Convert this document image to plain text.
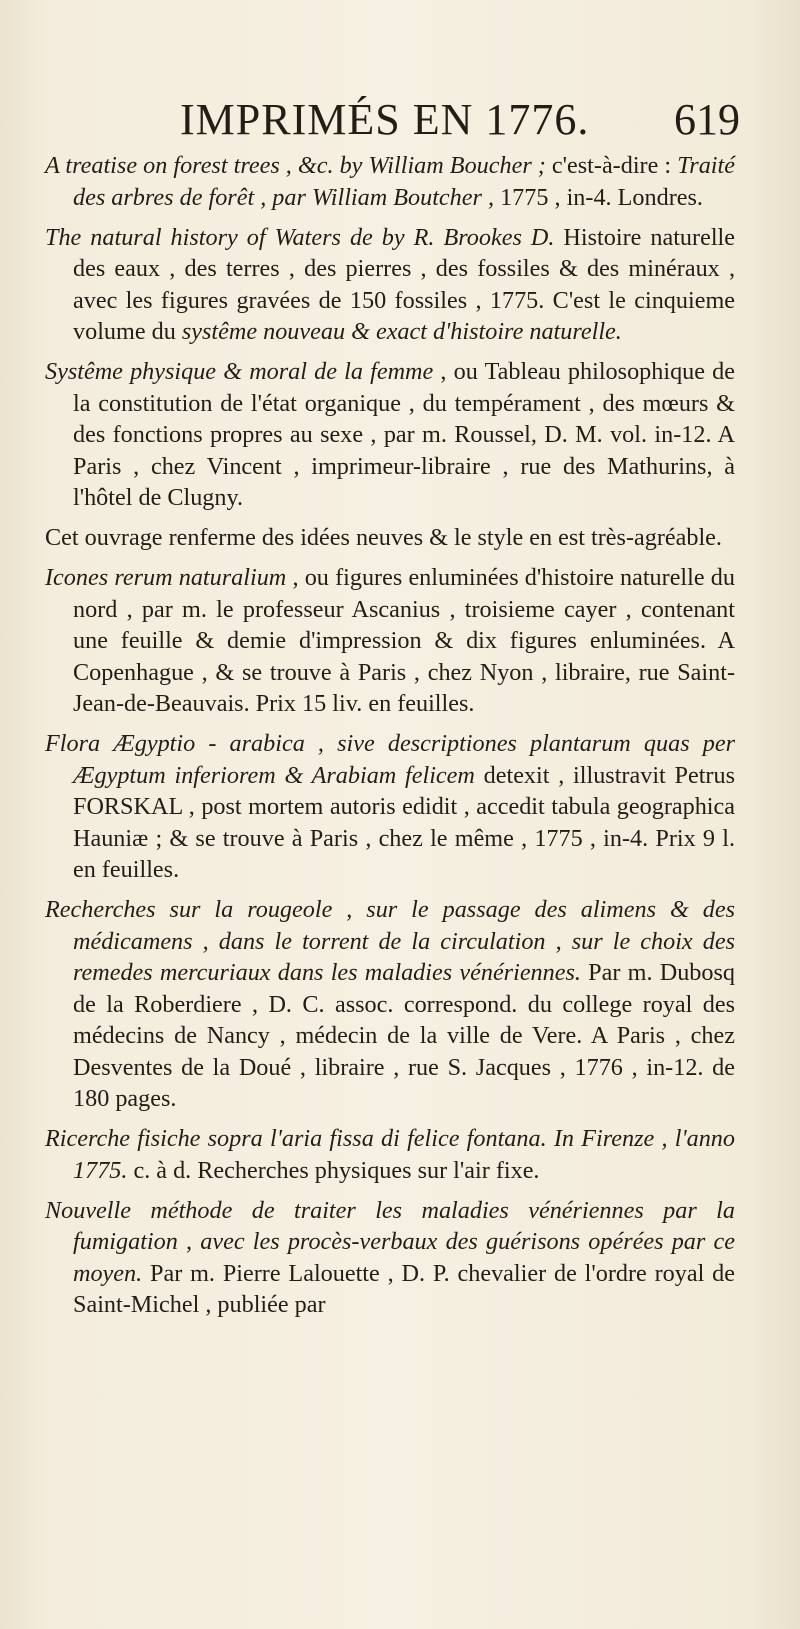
IMPRIMÉS EN 1776. 619

A treatise on forest trees , &c. by William Boucher ; c'est-à-dire : Traité des arbres de forêt , par William Boutcher , 1775 , in-4. Londres.

The natural history of Waters de by R. Brookes D. Histoire naturelle des eaux , des terres , des pierres , des fossiles & des minéraux , avec les figures gravées de 150 fossiles , 1775. C'est le cinquieme volume du systême nouveau & exact d'histoire naturelle.

Systême physique & moral de la femme , ou Tableau philosophique de la constitution de l'état organique , du tempérament , des mœurs & des fonctions propres au sexe , par m. Roussel, D. M. vol. in-12. A Paris , chez Vincent , imprimeur-libraire , rue des Mathurins, à l'hôtel de Clugny.

Cet ouvrage renferme des idées neuves & le style en est très-agréable.

Icones rerum naturalium , ou figures enluminées d'histoire naturelle du nord , par m. le professeur Ascanius , troisieme cayer , contenant une feuille & demie d'impression & dix figures enluminées. A Copenhague , & se trouve à Paris , chez Nyon , libraire, rue Saint-Jean-de-Beauvais. Prix 15 liv. en feuilles.

Flora Ægyptio - arabica , sive descriptiones plantarum quas per Ægyptum inferiorem & Arabiam felicem detexit , illustravit Petrus FORSKAL , post mortem autoris edidit , accedit tabula geographica Hauniæ ; & se trouve à Paris , chez le même , 1775 , in-4. Prix 9 l. en feuilles.

Recherches sur la rougeole , sur le passage des alimens & des médicamens , dans le torrent de la circulation , sur le choix des remedes mercuriaux dans les maladies vénériennes. Par m. Dubosq de la Roberdiere , D. C. assoc. correspond. du college royal des médecins de Nancy , médecin de la ville de Vere. A Paris , chez Desventes de la Doué , libraire , rue S. Jacques , 1776 , in-12. de 180 pages.

Ricerche fisiche sopra l'aria fissa di felice fontana. In Firenze , l'anno 1775. c. à d. Recherches physiques sur l'air fixe.

Nouvelle méthode de traiter les maladies vénériennes par la fumigation , avec les procès-verbaux des guérisons opérées par ce moyen. Par m. Pierre Lalouette , D. P. chevalier de l'ordre royal de Saint-Michel , publiée par
